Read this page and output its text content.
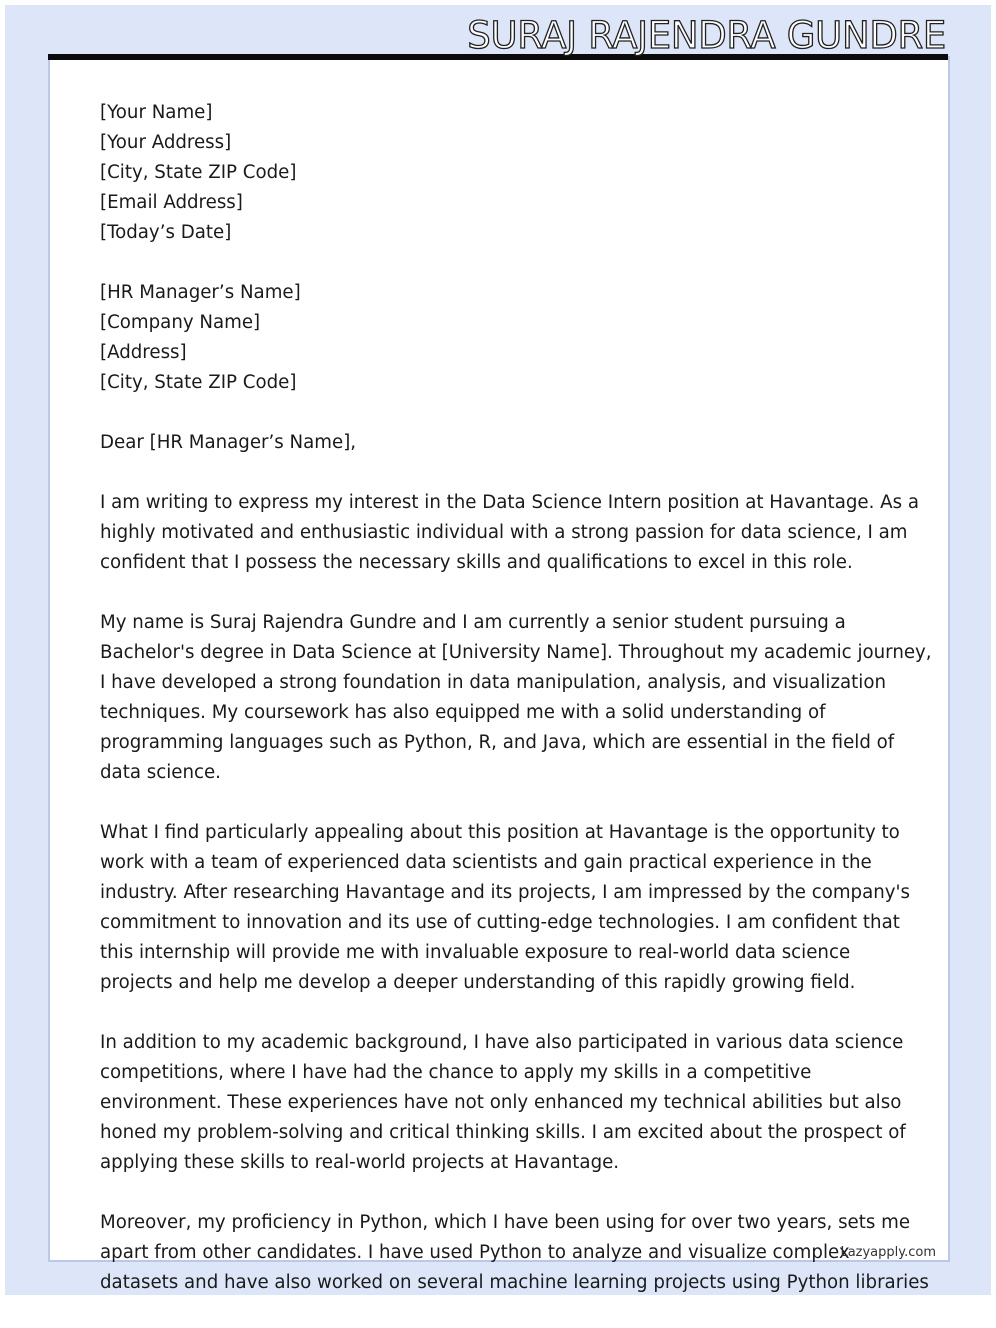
SURAJ RAJENDRA GUNDRE
[Your Name]
[Your Address]
[City, State ZIP Code]
[Email Address]
[Today’s Date]
[HR Manager’s Name]
[Company Name]
[Address]
[City, State ZIP Code]
Dear [HR Manager’s Name],
I am writing to express my interest in the Data Science Intern position at Havantage. As a
highly motivated and enthusiastic individual with a strong passion for data science, I am
confident that I possess the necessary skills and qualifications to excel in this role.
My name is Suraj Rajendra Gundre and I am currently a senior student pursuing a
Bachelor's degree in Data Science at [University Name]. Throughout my academic journey,
I have developed a strong foundation in data manipulation, analysis, and visualization
techniques. My coursework has also equipped me with a solid understanding of
programming languages such as Python, R, and Java, which are essential in the field of
data science.
What I find particularly appealing about this position at Havantage is the opportunity to
work with a team of experienced data scientists and gain practical experience in the
industry. After researching Havantage and its projects, I am impressed by the company's
commitment to innovation and its use of cutting-edge technologies. I am confident that
this internship will provide me with invaluable exposure to real-world data science
projects and help me develop a deeper understanding of this rapidly growing field.
In addition to my academic background, I have also participated in various data science
competitions, where I have had the chance to apply my skills in a competitive
environment. These experiences have not only enhanced my technical abilities but also
honed my problem-solving and critical thinking skills. I am excited about the prospect of
applying these skills to real-world projects at Havantage.
Moreover, my proficiency in Python, which I have been using for over two years, sets me
apart from other candidates. I have used Python to analyze and visualize complex
datasets and have also worked on several machine learning projects using Python libraries
Lazyapply.com
